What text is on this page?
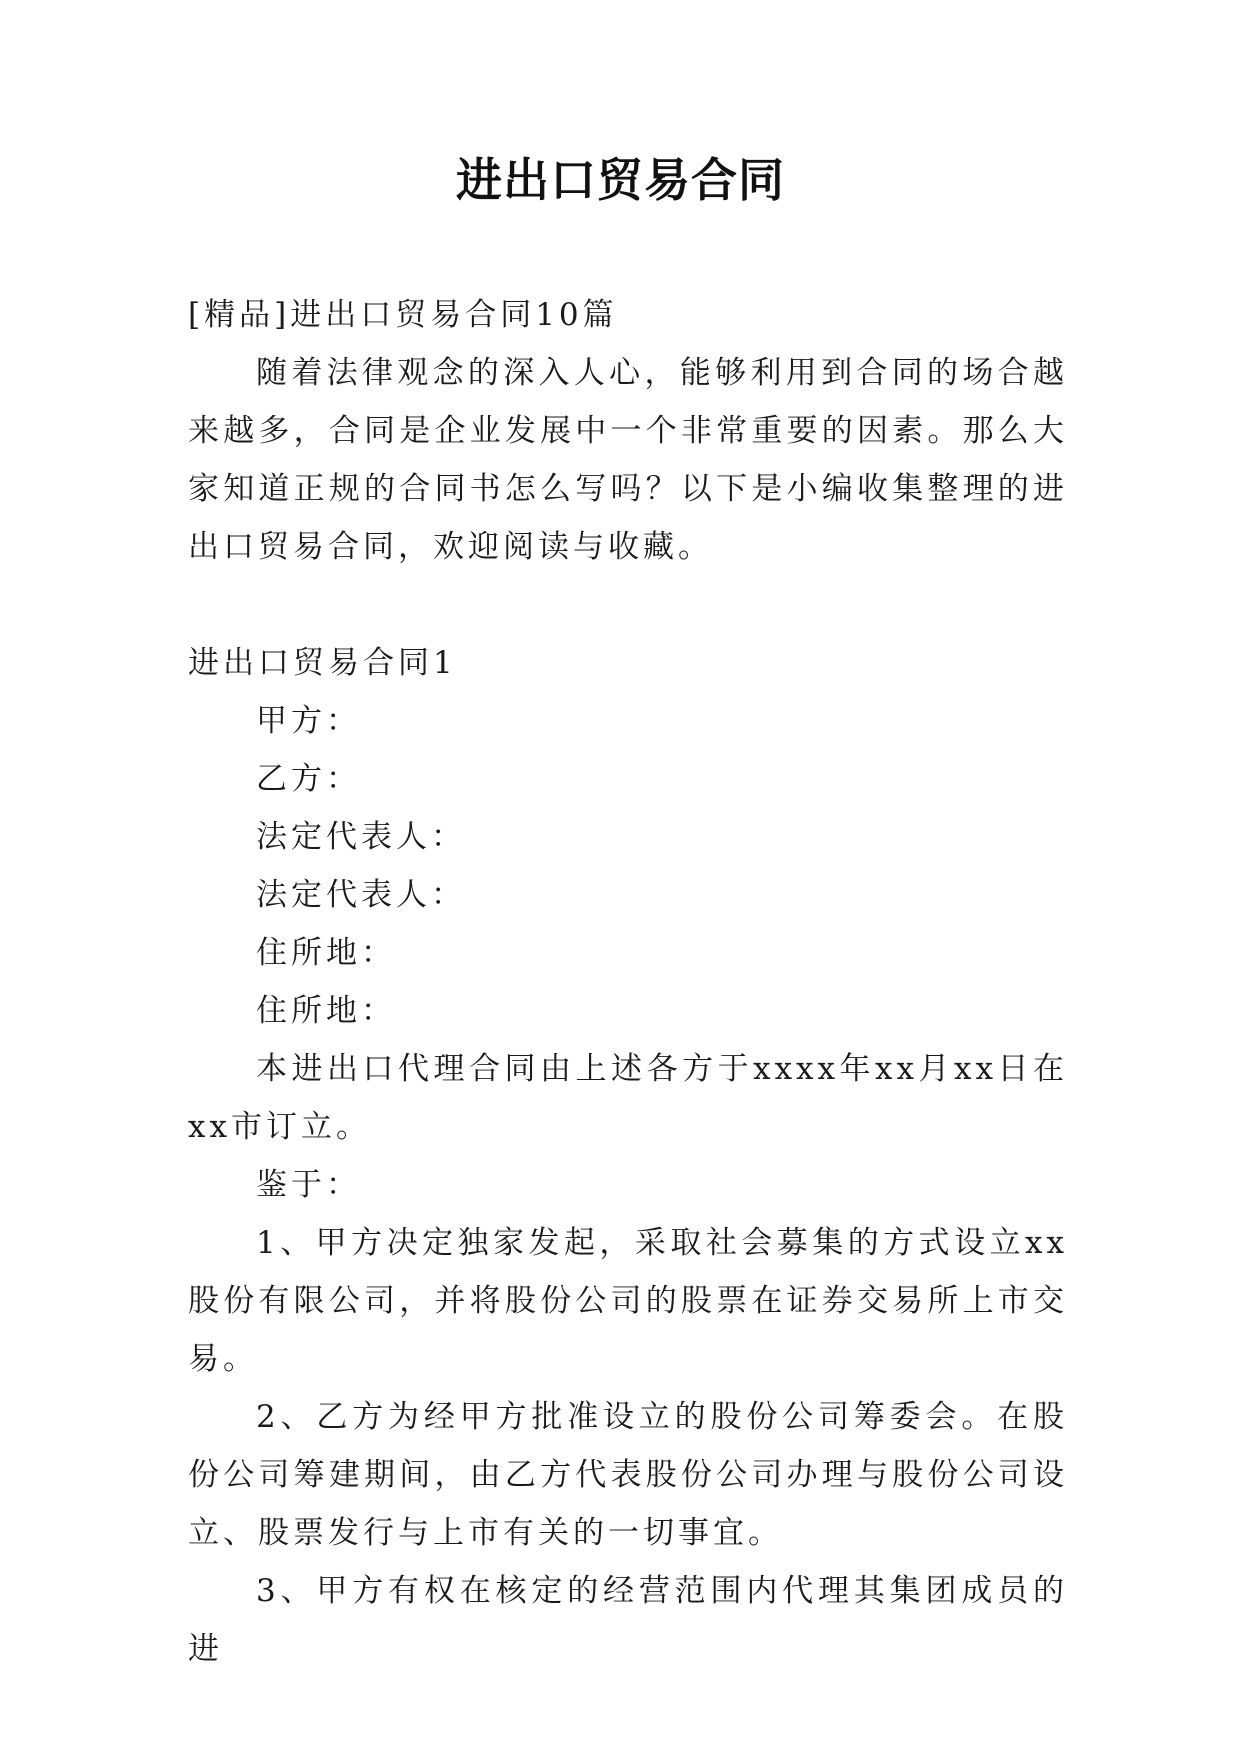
进出口贸易合同

[精品]进出口贸易合同10篇

随着法律观念的深入人心，能够利用到合同的场合越来越多，合同是企业发展中一个非常重要的因素。那么大家知道正规的合同书怎么写吗？以下是小编收集整理的进出口贸易合同，欢迎阅读与收藏。

进出口贸易合同1

甲方：

乙方：

法定代表人：

法定代表人：

住所地：

住所地：

本进出口代理合同由上述各方于xxxx年xx月xx日在xx市订立。

鉴于：

1、甲方决定独家发起，采取社会募集的方式设立xx股份有限公司，并将股份公司的股票在证券交易所上市交易。

2、乙方为经甲方批准设立的股份公司筹委会。在股份公司筹建期间，由乙方代表股份公司办理与股份公司设立、股票发行与上市有关的一切事宜。

3、甲方有权在核定的经营范围内代理其集团成员的进
